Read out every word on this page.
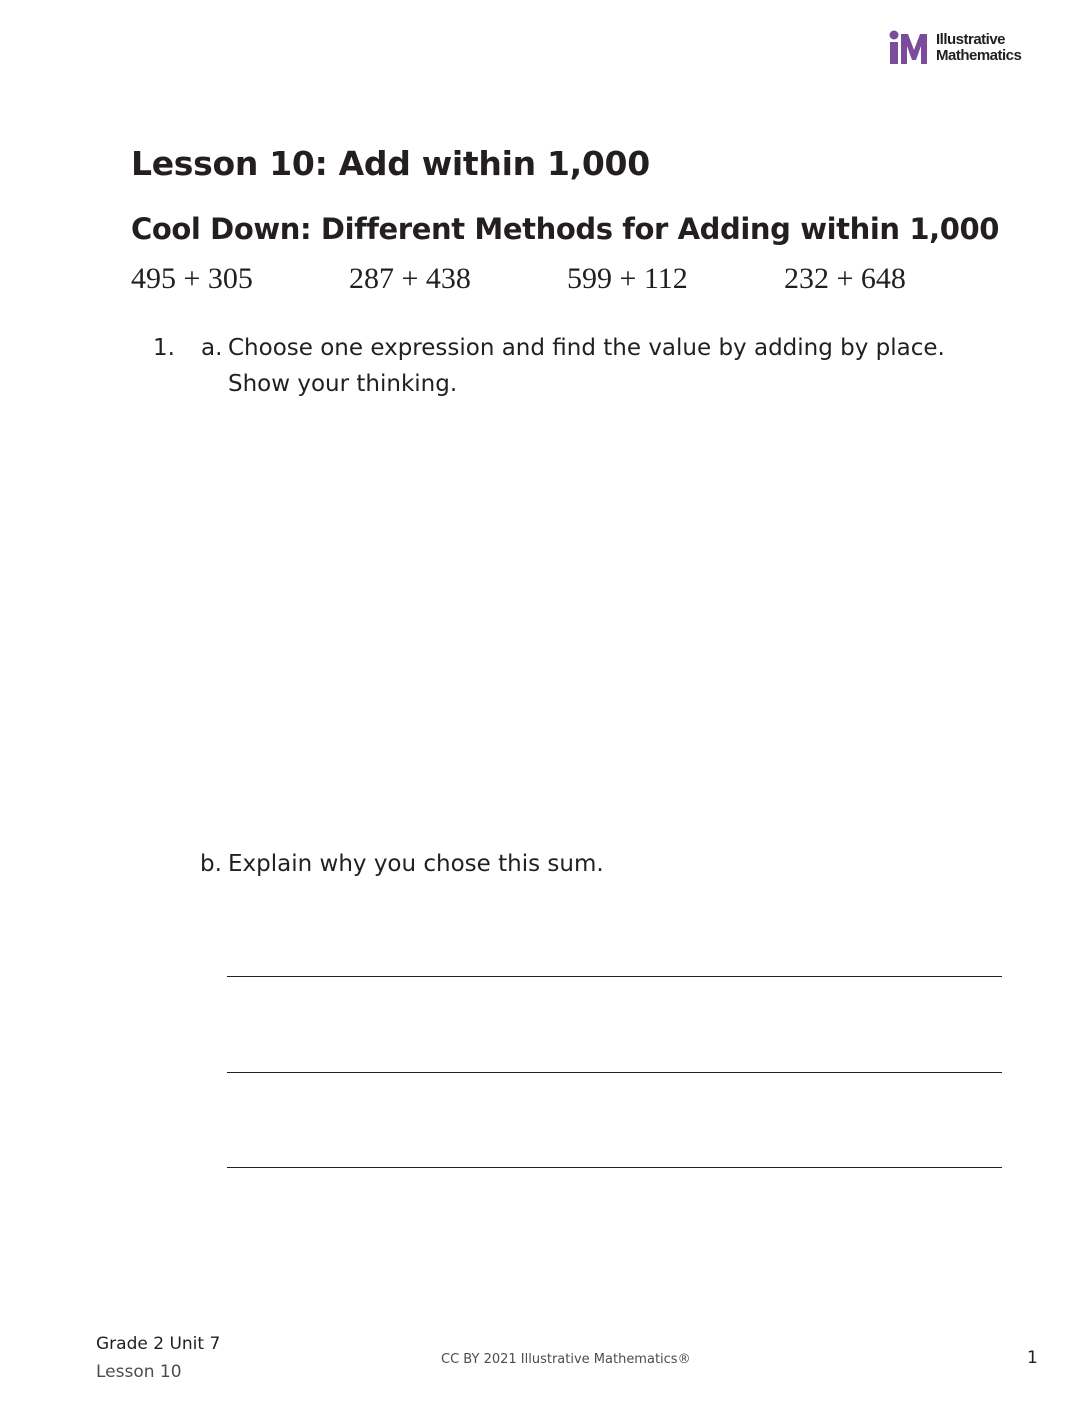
Illustrative
Mathematics
Lesson 10: Add within 1,000
Cool Down: Different Methods for Adding within 1,000
495 + 305	287 + 438	599 + 112	232 + 648
1. a. Choose one expression and find the value by adding by place.
Show your thinking.
b. Explain why you chose this sum.
Grade 2 Unit 7
Lesson 10
CC BY 2021 Illustrative Mathematics®	1
